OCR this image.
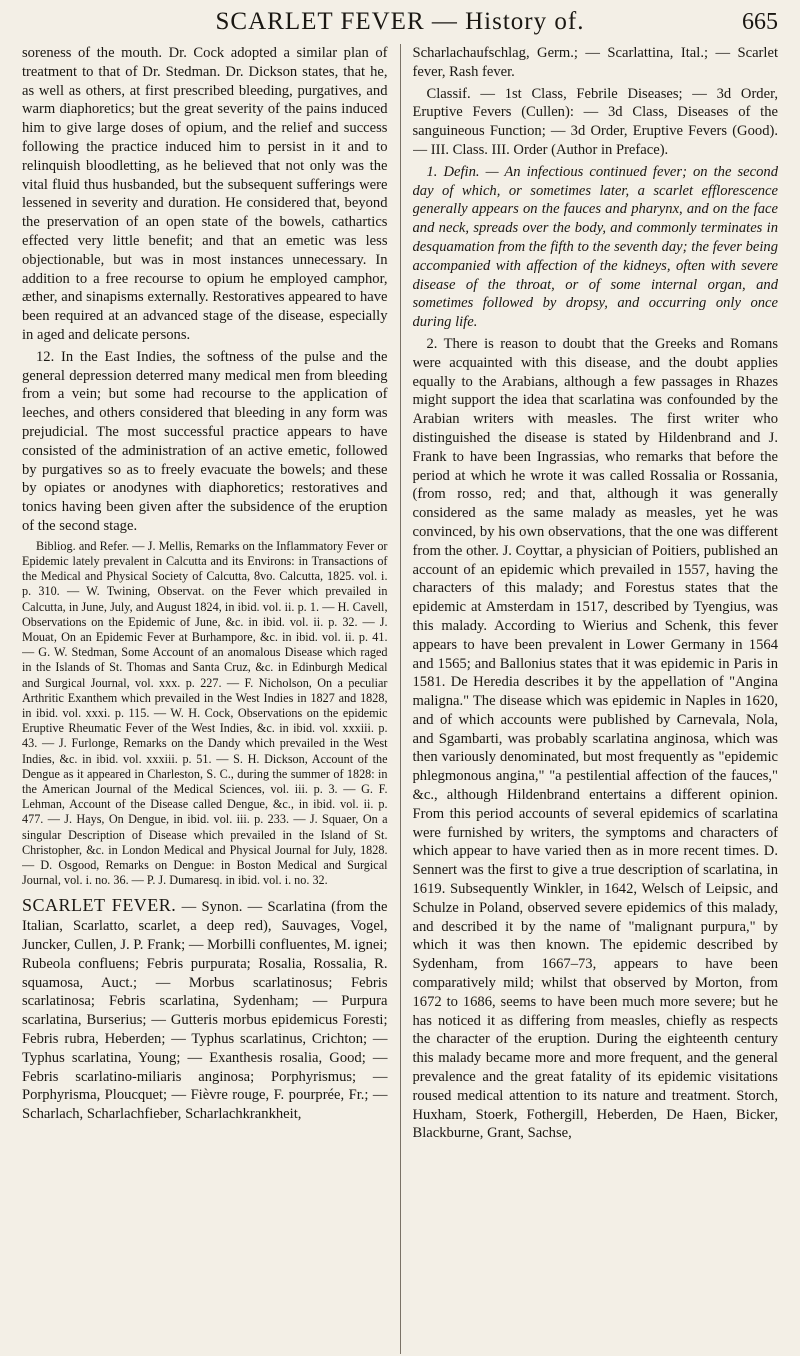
SCARLET FEVER — History of.	665

soreness of the mouth. Dr. Cock adopted a similar plan of treatment to that of Dr. Stedman. Dr. Dickson states, that he, as well as others, at first prescribed bleeding, purgatives, and warm diaphoretics; but the great severity of the pains induced him to give large doses of opium, and the relief and success following the practice induced him to persist in it and to relinquish bloodletting, as he believed that not only was the vital fluid thus husbanded, but the subsequent sufferings were lessened in severity and duration. He considered that, beyond the preservation of an open state of the bowels, cathartics effected very little benefit; and that an emetic was less objectionable, but was in most instances unnecessary. In addition to a free recourse to opium he employed camphor, æther, and sinapisms externally. Restoratives appeared to have been required at an advanced stage of the disease, especially in aged and delicate persons.

12. In the East Indies, the softness of the pulse and the general depression deterred many medical men from bleeding from a vein; but some had recourse to the application of leeches, and others considered that bleeding in any form was prejudicial. The most successful practice appears to have consisted of the administration of an active emetic, followed by purgatives so as to freely evacuate the bowels; and these by opiates or anodynes with diaphoretics; restoratives and tonics having been given after the subsidence of the eruption of the second stage.

Bibliog. and Refer. — J. Mellis, Remarks on the Inflammatory Fever or Epidemic lately prevalent in Calcutta and its Environs: in Transactions of the Medical and Physical Society of Calcutta, 8vo. Calcutta, 1825. vol. i. p. 310. — W. Twining, Observat. on the Fever which prevailed in Calcutta, in June, July, and August 1824, in ibid. vol. ii. p. 1. — H. Cavell, Observations on the Epidemic of June, &c. in ibid. vol. ii. p. 32. — J. Mouat, On an Epidemic Fever at Burhampore, &c. in ibid. vol. ii. p. 41. — G. W. Stedman, Some Account of an anomalous Disease which raged in the Islands of St. Thomas and Santa Cruz, &c. in Edinburgh Medical and Surgical Journal, vol. xxx. p. 227. — F. Nicholson, On a peculiar Arthritic Exanthem which prevailed in the West Indies in 1827 and 1828, in ibid. vol. xxxi. p. 115. — W. H. Cock, Observations on the epidemic Eruptive Rheumatic Fever of the West Indies, &c. in ibid. vol. xxxiii. p. 43. — J. Furlonge, Remarks on the Dandy which prevailed in the West Indies, &c. in ibid. vol. xxxiii. p. 51. — S. H. Dickson, Account of the Dengue as it appeared in Charleston, S. C., during the summer of 1828: in the American Journal of the Medical Sciences, vol. iii. p. 3. — G. F. Lehman, Account of the Disease called Dengue, &c., in ibid. vol. ii. p. 477. — J. Hays, On Dengue, in ibid. vol. iii. p. 233. — J. Squaer, On a singular Description of Disease which prevailed in the Island of St. Christopher, &c. in London Medical and Physical Journal for July, 1828. — D. Osgood, Remarks on Dengue: in Boston Medical and Surgical Journal, vol. i. no. 36. — P. J. Dumaresq. in ibid. vol. i. no. 32.

SCARLET FEVER. — Synon. — Scarlatina (from the Italian, Scarlatto, scarlet, a deep red), Sauvages, Vogel, Juncker, Cullen, J. P. Frank; — Morbilli confluentes, M. ignei; Rubeola confluens; Febris purpurata; Rosalia, Rossalia, R. squamosa, Auct.; — Morbus scarlatinosus; Febris scarlatinosa; Febris scarlatina, Sydenham; — Purpura scarlatina, Burserius; — Gutteris morbus epidemicus Foresti; Febris rubra, Heberden; — Typhus scarlatinus, Crichton; — Typhus scarlatina, Young; — Exanthesis rosalia, Good; — Febris scarlatino-miliaris anginosa; Porphyrismus; — Porphyrisma, Ploucquet; — Fièvre rouge, F. pourprée, Fr.; — Scharlach, Scharlachfieber, Scharlachkrankheit,

Scharlachaufschlag, Germ.; — Scarlattina, Ital.; — Scarlet fever, Rash fever.

Classif. — 1st Class, Febrile Diseases; — 3d Order, Eruptive Fevers (Cullen): — 3d Class, Diseases of the sanguineous Function; — 3d Order, Eruptive Fevers (Good). — III. Class. III. Order (Author in Preface).

1. Defin. — An infectious continued fever; on the second day of which, or sometimes later, a scarlet efflorescence generally appears on the fauces and pharynx, and on the face and neck, spreads over the body, and commonly terminates in desquamation from the fifth to the seventh day; the fever being accompanied with affection of the kidneys, often with severe disease of the throat, or of some internal organ, and sometimes followed by dropsy, and occurring only once during life.

2. There is reason to doubt that the Greeks and Romans were acquainted with this disease, and the doubt applies equally to the Arabians, although a few passages in Rhazes might support the idea that scarlatina was confounded by the Arabian writers with measles. The first writer who distinguished the disease is stated by Hildenbrand and J. Frank to have been Ingrassias, who remarks that before the period at which he wrote it was called Rossalia or Rossania, (from rosso, red; and that, although it was generally considered as the same malady as measles, yet he was convinced, by his own observations, that the one was different from the other. J. Coyttar, a physician of Poitiers, published an account of an epidemic which prevailed in 1557, having the characters of this malady; and Forestus states that the epidemic at Amsterdam in 1517, described by Tyengius, was this malady. According to Wierius and Schenk, this fever appears to have been prevalent in Lower Germany in 1564 and 1565; and Ballonius states that it was epidemic in Paris in 1581. De Heredia describes it by the appellation of "Angina maligna." The disease which was epidemic in Naples in 1620, and of which accounts were published by Carnevala, Nola, and Sgambarti, was probably scarlatina anginosa, which was then variously denominated, but most frequently as "epidemic phlegmonous angina," "a pestilential affection of the fauces," &c., although Hildenbrand entertains a different opinion. From this period accounts of several epidemics of scarlatina were furnished by writers, the symptoms and characters of which appear to have varied then as in more recent times. D. Sennert was the first to give a true description of scarlatina, in 1619. Subsequently Winkler, in 1642, Welsch of Leipsic, and Schulze in Poland, observed severe epidemics of this malady, and described it by the name of "malignant purpura," by which it was then known. The epidemic described by Sydenham, from 1667–73, appears to have been comparatively mild; whilst that observed by Morton, from 1672 to 1686, seems to have been much more severe; but he has noticed it as differing from measles, chiefly as respects the character of the eruption. During the eighteenth century this malady became more and more frequent, and the general prevalence and the great fatality of its epidemic visitations roused medical attention to its nature and treatment. Storch, Huxham, Stoerk, Fothergill, Heberden, De Haen, Bicker, Blackburne, Grant, Sachse,
